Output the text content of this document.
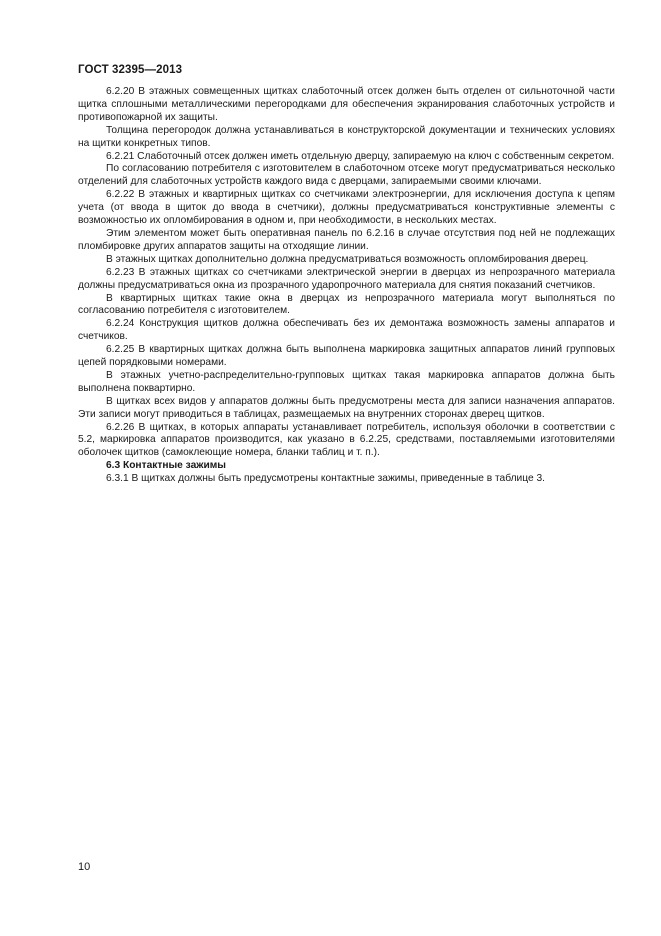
ГОСТ 32395—2013

6.2.20 В этажных совмещенных щитках слаботочный отсек должен быть отделен от сильноточной части щитка сплошными металлическими перегородками для обеспечения экранирования слаботочных устройств и противопожарной их защиты.

Толщина перегородок должна устанавливаться в конструкторской документации и технических условиях на щитки конкретных типов.

6.2.21 Слаботочный отсек должен иметь отдельную дверцу, запираемую на ключ с собственным секретом.

По согласованию потребителя с изготовителем в слаботочном отсеке могут предусматриваться несколько отделений для слаботочных устройств каждого вида с дверцами, запираемыми своими ключами.

6.2.22 В этажных и квартирных щитках со счетчиками электроэнергии, для исключения доступа к цепям учета (от ввода в щиток до ввода в счетчики), должны предусматриваться конструктивные элементы с возможностью их опломбирования в одном и, при необходимости, в нескольких местах.

Этим элементом может быть оперативная панель по 6.2.16 в случае отсутствия под ней не подлежащих пломбировке других аппаратов защиты на отходящие линии.

В этажных щитках дополнительно должна предусматриваться возможность опломбирования дверец.

6.2.23 В этажных щитках со счетчиками электрической энергии в дверцах из непрозрачного материала должны предусматриваться окна из прозрачного ударопрочного материала для снятия показаний счетчиков.

В квартирных щитках такие окна в дверцах из непрозрачного материала могут выполняться по согласованию потребителя с изготовителем.

6.2.24 Конструкция щитков должна обеспечивать без их демонтажа возможность замены аппаратов и счетчиков.

6.2.25 В квартирных щитках должна быть выполнена маркировка защитных аппаратов линий групповых цепей порядковыми номерами.

В этажных учетно-распределительно-групповых щитках такая маркировка аппаратов должна быть выполнена поквартирно.

В щитках всех видов у аппаратов должны быть предусмотрены места для записи назначения аппаратов. Эти записи могут приводиться в таблицах, размещаемых на внутренних сторонах дверец щитков.

6.2.26 В щитках, в которых аппараты устанавливает потребитель, используя оболочки в соответствии с 5.2, маркировка аппаратов производится, как указано в 6.2.25, средствами, поставляемыми изготовителями оболочек щитков (самоклеющие номера, бланки таблиц и т. п.).

6.3 Контактные зажимы

6.3.1 В щитках должны быть предусмотрены контактные зажимы, приведенные в таблице 3.

10
